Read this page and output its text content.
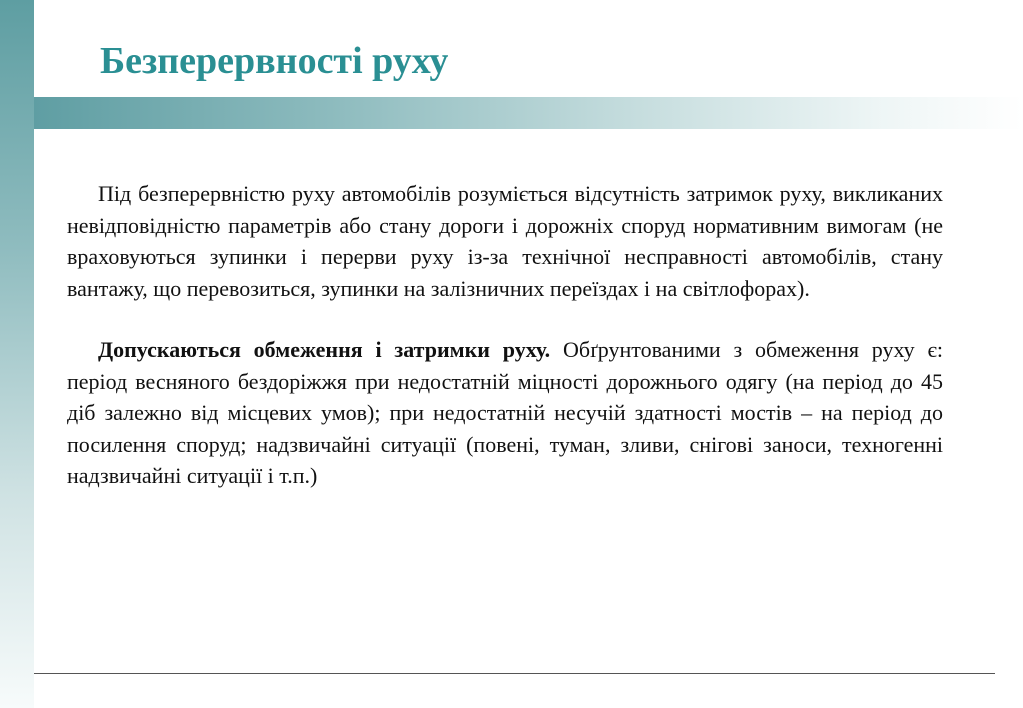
Безперервності руху

Під безперервністю руху автомобілів розуміється відсутність затримок руху, викликаних невідповідністю параметрів або стану дороги і дорожніх споруд нормативним вимогам (не враховуються зупинки і перерви руху із-за технічної несправності автомобілів, стану вантажу, що перевозиться, зупинки на залізничних переїздах і на світлофорах).

Допускаються обмеження і затримки руху. Обґрунтованими з обмеження руху є: період весняного бездоріжжя при недостатній міцності дорожнього одягу (на період до 45 діб залежно від місцевих умов); при недостатній несучій здатності мостів – на період до посилення споруд; надзвичайні ситуації (повені, туман, зливи, снігові заноси, техногенні надзвичайні ситуації і т.п.)
